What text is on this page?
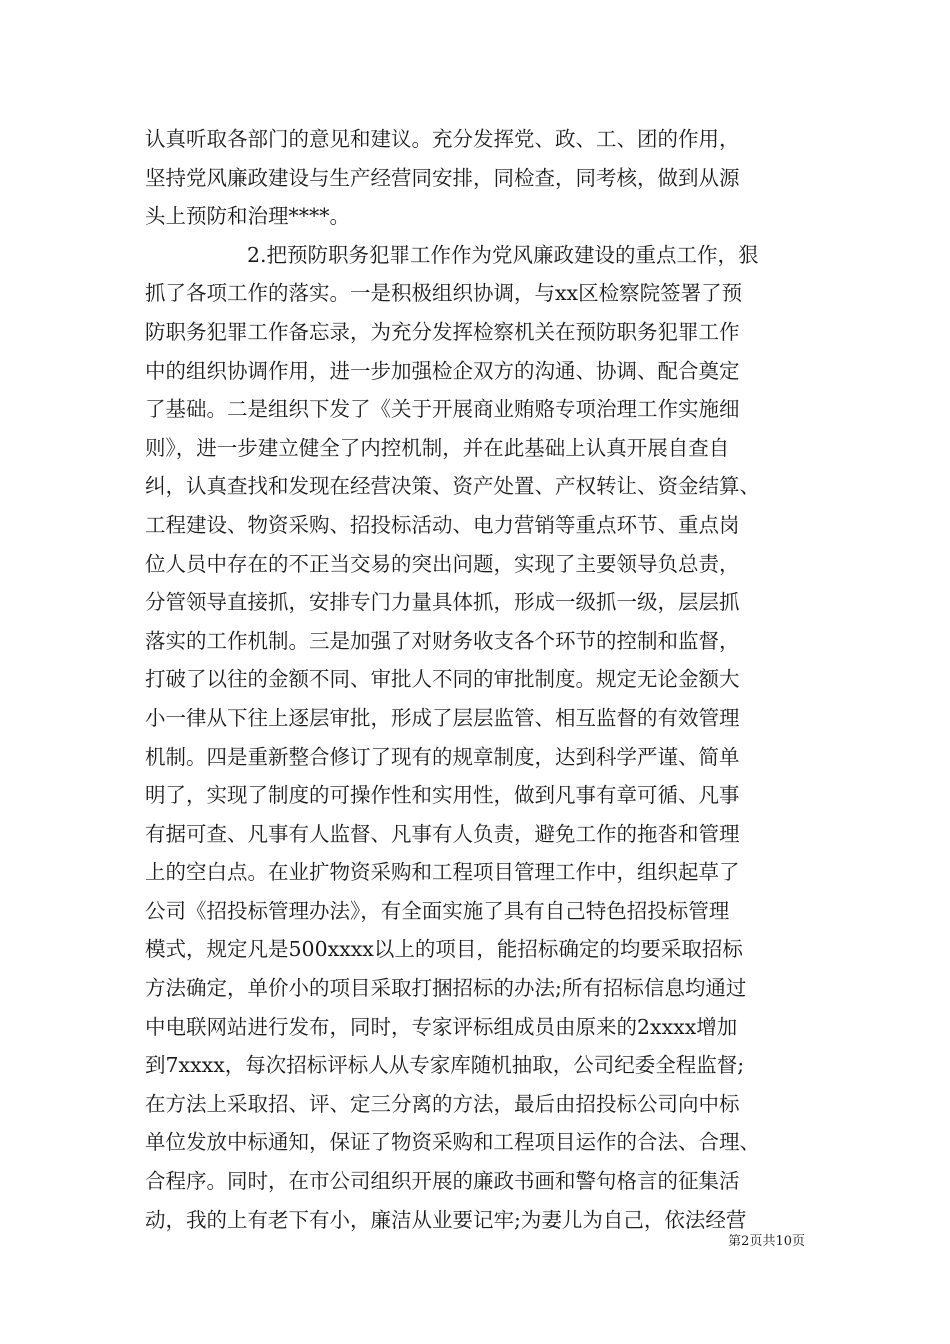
认真听取各部门的意见和建议。充分发挥党、政、工、团的作用，
坚持党风廉政建设与生产经营同安排，同检查，同考核，做到从源
头上预防和治理****。
2.把预防职务犯罪工作作为党风廉政建设的重点工作，狠
抓了各项工作的落实。一是积极组织协调，与xx区检察院签署了预
防职务犯罪工作备忘录，为充分发挥检察机关在预防职务犯罪工作
中的组织协调作用，进一步加强检企双方的沟通、协调、配合奠定
了基础。二是组织下发了《关于开展商业贿赂专项治理工作实施细
则》，进一步建立健全了内控机制，并在此基础上认真开展自查自
纠，认真查找和发现在经营决策、资产处置、产权转让、资金结算、
工程建设、物资采购、招投标活动、电力营销等重点环节、重点岗
位人员中存在的不正当交易的突出问题，实现了主要领导负总责，
分管领导直接抓，安排专门力量具体抓，形成一级抓一级，层层抓
落实的工作机制。三是加强了对财务收支各个环节的控制和监督，
打破了以往的金额不同、审批人不同的审批制度。规定无论金额大
小一律从下往上逐层审批，形成了层层监管、相互监督的有效管理
机制。四是重新整合修订了现有的规章制度，达到科学严谨、简单
明了，实现了制度的可操作性和实用性，做到凡事有章可循、凡事
有据可查、凡事有人监督、凡事有人负责，避免工作的拖沓和管理
上的空白点。在业扩物资采购和工程项目管理工作中，组织起草了
公司《招投标管理办法》，有全面实施了具有自己特色招投标管理
模式，规定凡是500xxxx以上的项目，能招标确定的均要采取招标
方法确定，单价小的项目采取打捆招标的办法;所有招标信息均通过
中电联网站进行发布，同时，专家评标组成员由原来的2xxxx增加
到7xxxx，每次招标评标人从专家库随机抽取，公司纪委全程监督;
在方法上采取招、评、定三分离的方法，最后由招投标公司向中标
单位发放中标通知，保证了物资采购和工程项目运作的合法、合理、
合程序。同时，在市公司组织开展的廉政书画和警句格言的征集活
动，我的上有老下有小，廉洁从业要记牢;为妻儿为自己，依法经营
第2页共10页
